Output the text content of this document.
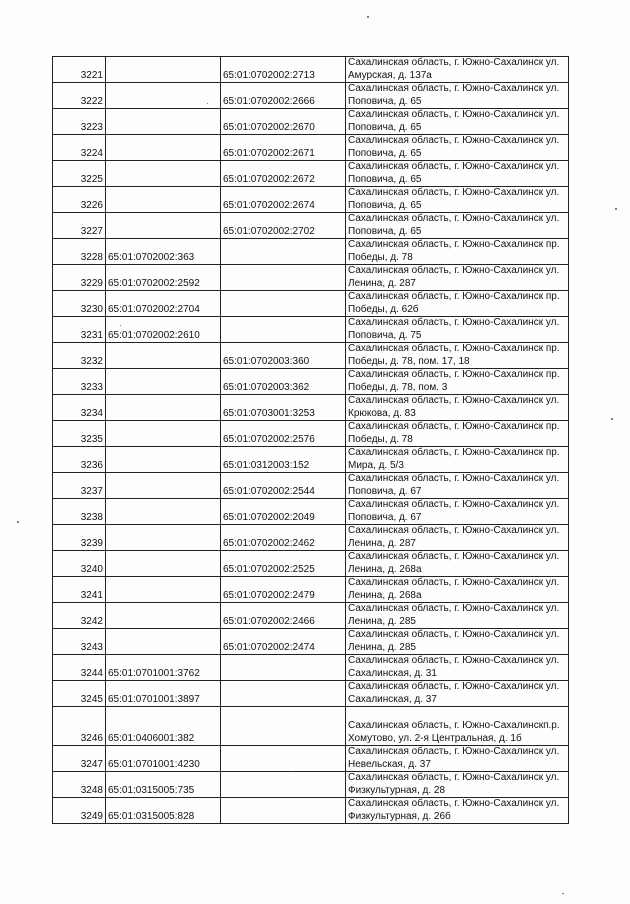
3221		65:01:0702002:2713	Сахалинская область, г. Южно-Сахалинск ул.
Амурская, д. 137а

3222		65:01:0702002:2666	Сахалинская область, г. Южно-Сахалинск ул.
Поповича, д. 65

3223		65:01:0702002:2670	Сахалинская область, г. Южно-Сахалинск ул.
Поповича, д. 65

3224		65:01:0702002:2671	Сахалинская область, г. Южно-Сахалинск ул.
Поповича, д. 65

3225		65:01:0702002:2672	Сахалинская область, г. Южно-Сахалинск ул.
Поповича, д. 65

3226		65:01:0702002:2674	Сахалинская область, г. Южно-Сахалинск ул.
Поповича, д. 65

3227		65:01:0702002:2702	Сахалинская область, г. Южно-Сахалинск ул.
Поповича, д. 65

3228	65:01:0702002:363		Сахалинская область, г. Южно-Сахалинск пр.
Победы, д. 78

3229	65:01:0702002:2592		Сахалинская область, г. Южно-Сахалинск ул.
Ленина, д. 287

3230	65:01:0702002:2704		Сахалинская область, г. Южно-Сахалинск пр.
Победы, д. 62б

3231	65:01:0702002:2610		Сахалинская область, г. Южно-Сахалинск ул.
Поповича, д. 75

3232		65:01:0702003:360	Сахалинская область, г. Южно-Сахалинск пр.
Победы, д. 78, пом. 17, 18

3233		65:01:0702003:362	Сахалинская область, г. Южно-Сахалинск пр.
Победы, д. 78, пом. 3

3234		65:01:0703001:3253	Сахалинская область, г. Южно-Сахалинск ул.
Крюкова, д. 83

3235		65:01:0702002:2576	Сахалинская область, г. Южно-Сахалинск пр.
Победы, д. 78

3236		65:01:0312003:152	Сахалинская область, г. Южно-Сахалинск пр.
Мира, д. 5/3

3237		65:01:0702002:2544	Сахалинская область, г. Южно-Сахалинск ул.
Поповича, д. 67

3238		65:01:0702002:2049	Сахалинская область, г. Южно-Сахалинск ул.
Поповича, д. 67

3239		65:01:0702002:2462	Сахалинская область, г. Южно-Сахалинск ул.
Ленина, д. 287

3240		65:01:0702002:2525	Сахалинская область, г. Южно-Сахалинск ул.
Ленина, д. 268а

3241		65:01:0702002:2479	Сахалинская область, г. Южно-Сахалинск ул.
Ленина, д. 268а

3242		65:01:0702002:2466	Сахалинская область, г. Южно-Сахалинск ул.
Ленина, д. 285

3243		65:01:0702002:2474	Сахалинская область, г. Южно-Сахалинск ул.
Ленина, д. 285

3244	65:01:0701001:3762		Сахалинская область, г. Южно-Сахалинск ул.
Сахалинская, д. 31

3245	65:01:0701001:3897		Сахалинская область, г. Южно-Сахалинск ул.
Сахалинская, д. 37

3246	65:01:0406001:382		Сахалинская область, г. Южно-Сахалинскп.р.
Хомутово, ул. 2-я Центральная, д. 1б

3247	65:01:0701001:4230		Сахалинская область, г. Южно-Сахалинск ул.
Невельская, д. 37

3248	65:01:0315005:735		Сахалинская область, г. Южно-Сахалинск ул.
Физкультурная, д. 28

3249	65:01:0315005:828		Сахалинская область, г. Южно-Сахалинск ул.
Физкультурная, д. 26б
